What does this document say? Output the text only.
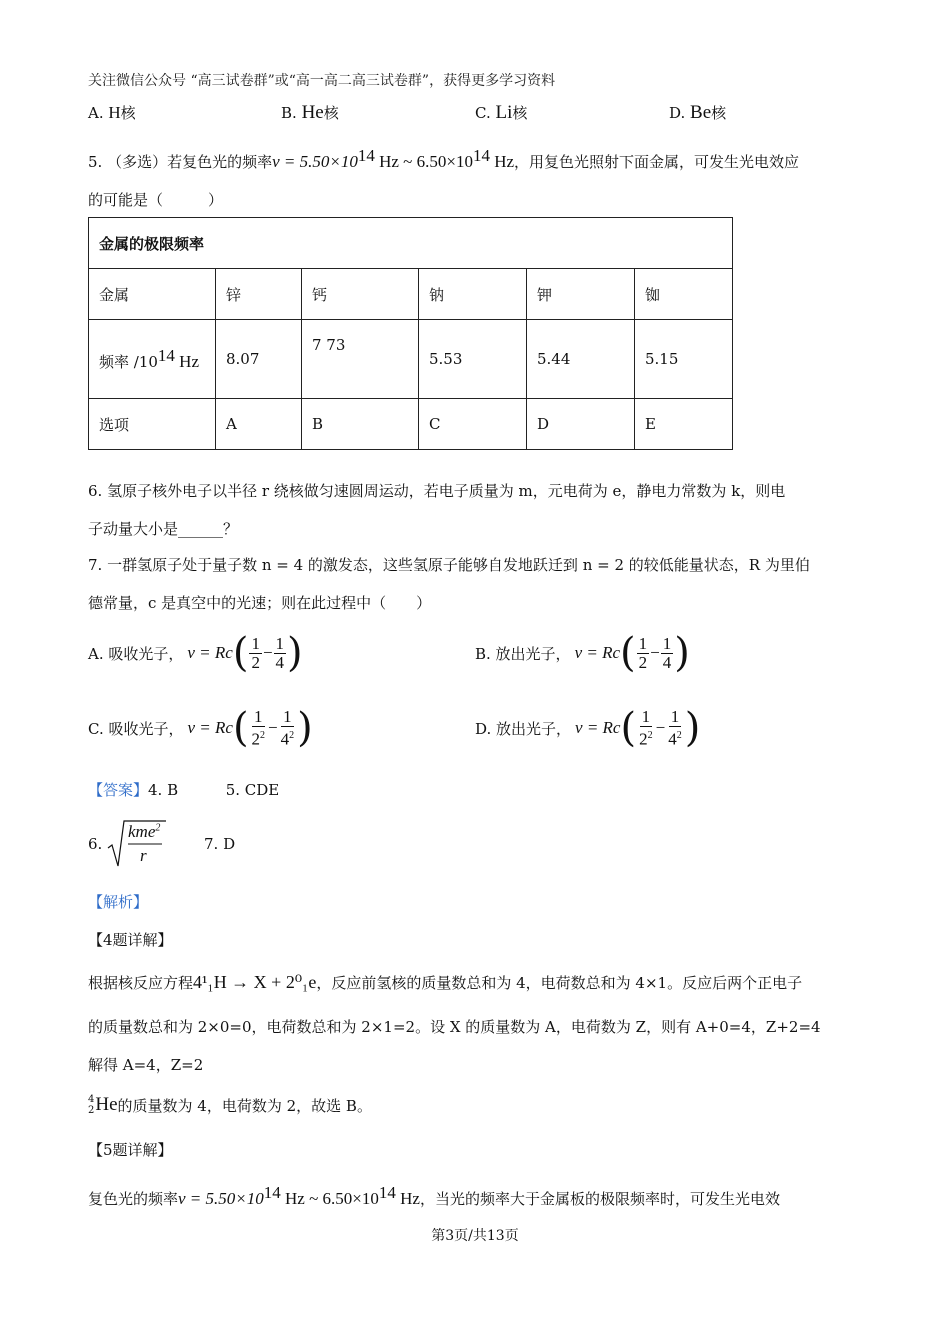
关注微信公众号 “高三试卷群”或“高一高二高三试卷群”，获得更多学习资料
A. H核	B. He核	C. Li核	D. Be核
5. （多选）若复色光的频率$\nu = 5.50\times 10^{14}$ Hz ~ $6.50\times 10^{14}$ Hz，用复色光照射下面金属，可发生光电效应
的可能是（　　　）
金属的极限频率					
金属	锌	钙	钠	钾	铷
频率 $/10^{14}$ Hz	8.07	7 73	5.53	5.44	5.15
选项	A	B	C	D	E
6. 氢原子核外电子以半径 r 绕核做匀速圆周运动，若电子质量为 m，元电荷为 e，静电力常数为 k，则电
子动量大小是______？
7. 一群氢原子处于量子数 n = 4 的激发态，这些氢原子能够自发地跃迁到 n = 2 的较低能量状态，R 为里伯
德常量，c 是真空中的光速；则在此过程中（　　）
A. 吸收光子， ν = Rc ( $\frac{1}{2} - \frac{1}{4}$ )	B. 放出光子， ν = Rc ( $\frac{1}{2} - \frac{1}{4}$ )
C. 吸收光子， ν = Rc ( $\frac{1}{2^2} - \frac{1}{4^2}$ )	D. 放出光子， ν = Rc ( $\frac{1}{2^2} - \frac{1}{4^2}$ )
【答案】4. B	5. CDE
6.
kme$^2$
r
7. D
【解析】
【4题详解】
根据核反应方程4¹₁H → X + 2⁰₁e，反应前氢核的质量数总和为 4，电荷数总和为 4×1。反应后两个正电子
的质量数总和为 2×0=0，电荷数总和为 2×1=2。设 X 的质量数为 A，电荷数为 Z，则有 A+0=4，Z+2=4
解得 A=4，Z=2
4
2 He 的质量数为 4，电荷数为 2，故选 B。
【5题详解】
复色光的频率$\nu = 5.50\times 10^{14}$ Hz ~ $6.50\times 10^{14}$ Hz，当光的频率大于金属板的极限频率时，可发生光电效
第3页/共13页
